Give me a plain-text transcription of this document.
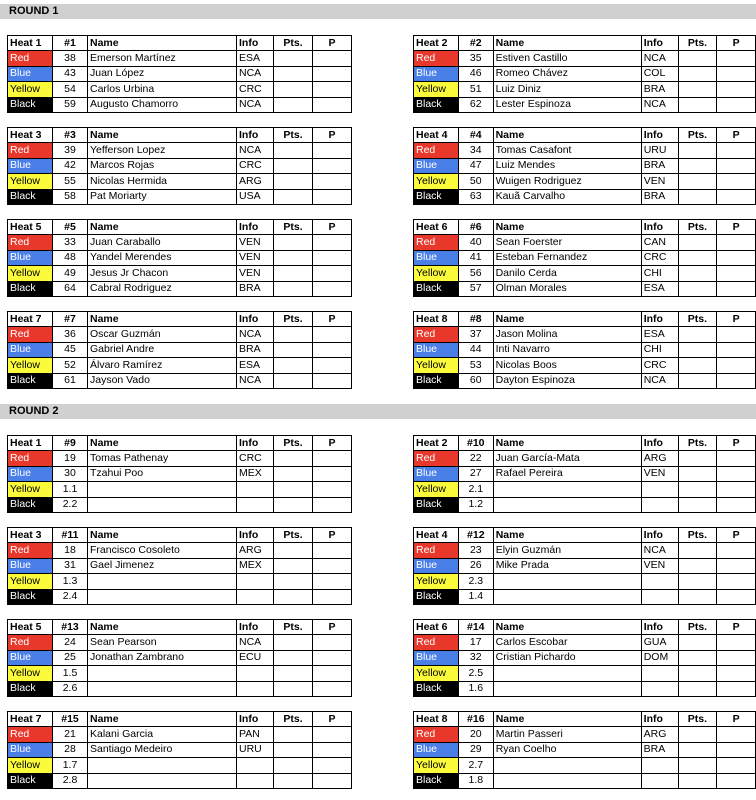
ROUND 1
Heat 1	#1	Name	Info	Pts.	P
Red	38	Emerson Martínez	ESA		
Blue	43	Juan López	NCA		
Yellow	54	Carlos Urbina	CRC		
Black	59	Augusto Chamorro	NCA		
Heat 2	#2	Name	Info	Pts.	P
Red	35	Estiven Castillo	NCA		
Blue	46	Romeo Chávez	COL		
Yellow	51	Luiz Diniz	BRA		
Black	62	Lester Espinoza	NCA		
Heat 3	#3	Name	Info	Pts.	P
Red	39	Yefferson Lopez	NCA		
Blue	42	Marcos Rojas	CRC		
Yellow	55	Nicolas Hermida	ARG		
Black	58	Pat Moriarty	USA		
Heat 4	#4	Name	Info	Pts.	P
Red	34	Tomas Casafont	URU		
Blue	47	Luiz Mendes	BRA		
Yellow	50	Wuigen Rodriguez	VEN		
Black	63	Kauã Carvalho	BRA		
Heat 5	#5	Name	Info	Pts.	P
Red	33	Juan Caraballo	VEN		
Blue	48	Yandel Merendes	VEN		
Yellow	49	Jesus Jr Chacon	VEN		
Black	64	Cabral Rodriguez	BRA		
Heat 6	#6	Name	Info	Pts.	P
Red	40	Sean Foerster	CAN		
Blue	41	Esteban Fernandez	CRC		
Yellow	56	Danilo Cerda	CHI		
Black	57	Olman Morales	ESA		
Heat 7	#7	Name	Info	Pts.	P
Red	36	Oscar Guzmán	NCA		
Blue	45	Gabriel Andre	BRA		
Yellow	52	Álvaro Ramírez	ESA		
Black	61	Jayson Vado	NCA		
Heat 8	#8	Name	Info	Pts.	P
Red	37	Jason Molina	ESA		
Blue	44	Inti Navarro	CHI		
Yellow	53	Nicolas Boos	CRC		
Black	60	Dayton Espinoza	NCA		
ROUND 2
Heat 1	#9	Name	Info	Pts.	P
Red	19	Tomas Pathenay	CRC		
Blue	30	Tzahui Poo	MEX		
Yellow	1.1				
Black	2.2				
Heat 2	#10	Name	Info	Pts.	P
Red	22	Juan García-Mata	ARG		
Blue	27	Rafael Pereira	VEN		
Yellow	2.1				
Black	1.2				
Heat 3	#11	Name	Info	Pts.	P
Red	18	Francisco Cosoleto	ARG		
Blue	31	Gael Jimenez	MEX		
Yellow	1.3				
Black	2.4				
Heat 4	#12	Name	Info	Pts.	P
Red	23	Elyin Guzmán	NCA		
Blue	26	Mike Prada	VEN		
Yellow	2.3				
Black	1.4				
Heat 5	#13	Name	Info	Pts.	P
Red	24	Sean Pearson	NCA		
Blue	25	Jonathan Zambrano	ECU		
Yellow	1.5				
Black	2.6				
Heat 6	#14	Name	Info	Pts.	P
Red	17	Carlos Escobar	GUA		
Blue	32	Cristian Pichardo	DOM		
Yellow	2.5				
Black	1.6				
Heat 7	#15	Name	Info	Pts.	P
Red	21	Kalani Garcia	PAN		
Blue	28	Santiago Medeiro	URU		
Yellow	1.7				
Black	2.8				
Heat 8	#16	Name	Info	Pts.	P
Red	20	Martin Passeri	ARG		
Blue	29	Ryan Coelho	BRA		
Yellow	2.7				
Black	1.8				
